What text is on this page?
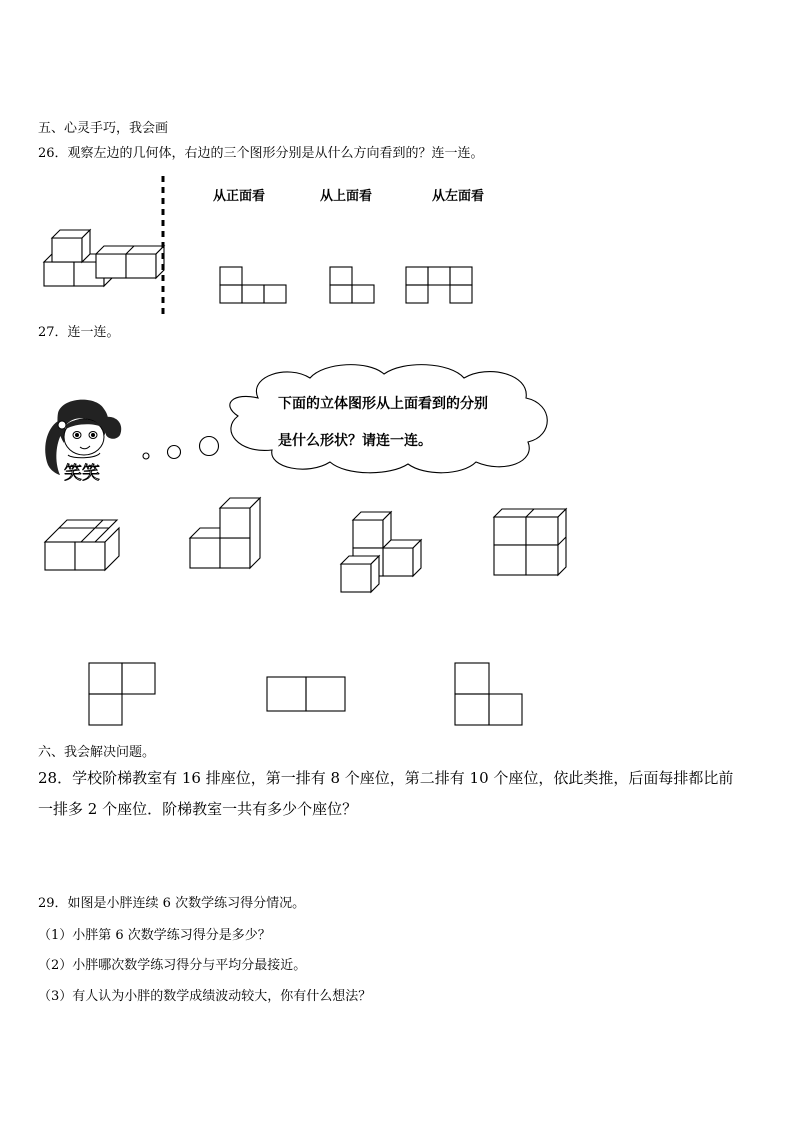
五、心灵手巧，我会画
26．观察左边的几何体，右边的三个图形分别是从什么方向看到的？连一连。
从正面看	从上面看	从左面看
27．连一连。
笑笑
下面的立体图形从上面看到的分别
是什么形状？请连一连。
六、我会解决问题。
28．学校阶梯教室有 16 排座位，第一排有 8 个座位，第二排有 10 个座位，依此类推，后面每排都比前
一排多 2 个座位．阶梯教室一共有多少个座位？
29．如图是小胖连续 6 次数学练习得分情况。
（1）小胖第 6 次数学练习得分是多少？
（2）小胖哪次数学练习得分与平均分最接近。
（3）有人认为小胖的数学成绩波动较大，你有什么想法？
